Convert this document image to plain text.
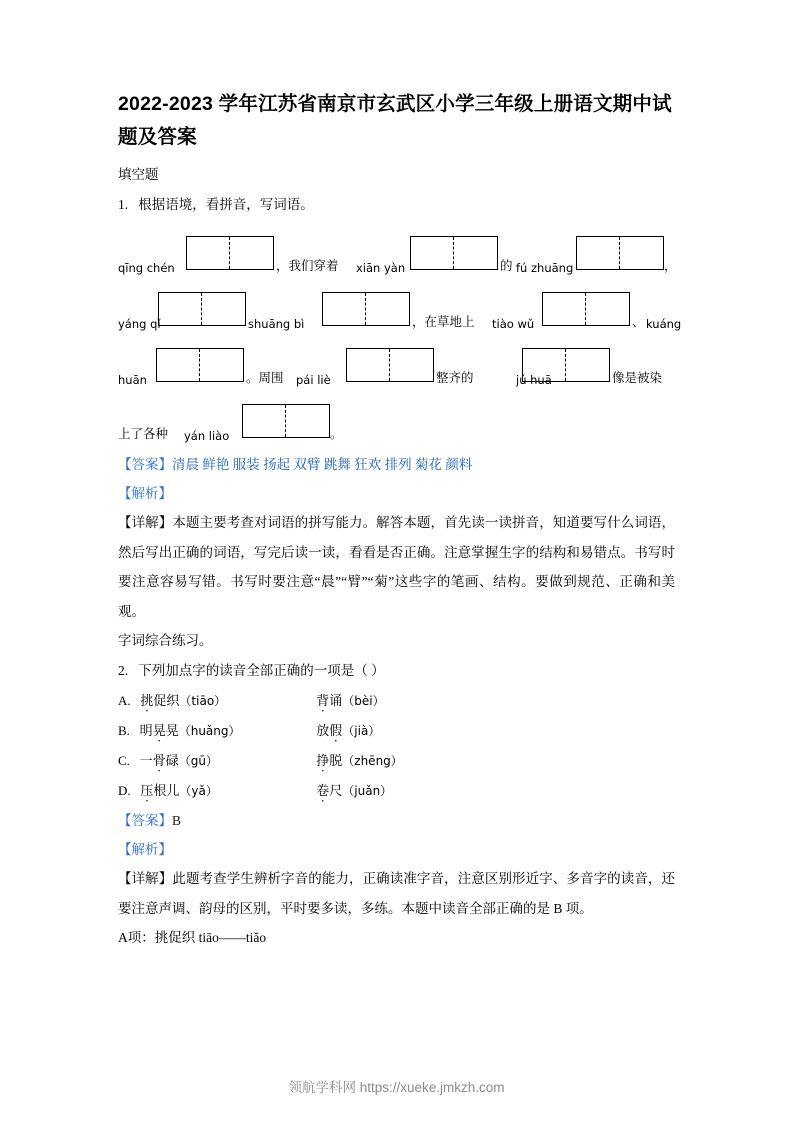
2022-2023 学年江苏省南京市玄武区小学三年级上册语文期中试题及答案

填空题

1. 根据语境，看拼音，写词语。

qīng chén	，我们穿着 xiān yàn	的 fú zhuāng	，
yáng qǐ	shuāng bì	，在草地上 tiào wǔ	、 kuáng
huān	。周围 pái liè	整齐的	jú huā	像是被染
上了各种 yán liào	。

【答案】清晨 鲜艳 服装 扬起 双臂 跳舞 狂欢 排列 菊花 颜料

【解析】

【详解】本题主要考查对词语的拼写能力。解答本题，首先读一读拼音，知道要写什么词语，然后写出正确的词语，写完后读一读，看看是否正确。注意掌握生字的结构和易错点。书写时要注意容易写错。书写时要注意“晨”“臂”“菊”这些字的笔画、结构。要做到规范、正确和美观。

字词综合练习。

2. 下列加点字的读音全部正确的一项是（ ）

A. 挑促织（tiāo）	背诵（bèi）

B. 明晃晃（huǎng）	放假（jià）

C. 一骨碌（gū）	挣脱（zhēng）

D. 压根儿（yǎ）	卷尺（juǎn）

【答案】B

【解析】

【详解】此题考查学生辨析字音的能力，正确读准字音，注意区别形近字、多音字的读音，还要注意声调、韵母的区别，平时要多读，多练。本题中读音全部正确的是 B 项。

A项：挑促织 tiāo——tiǎo

领航学科网 https://xueke.jmkzh.com
